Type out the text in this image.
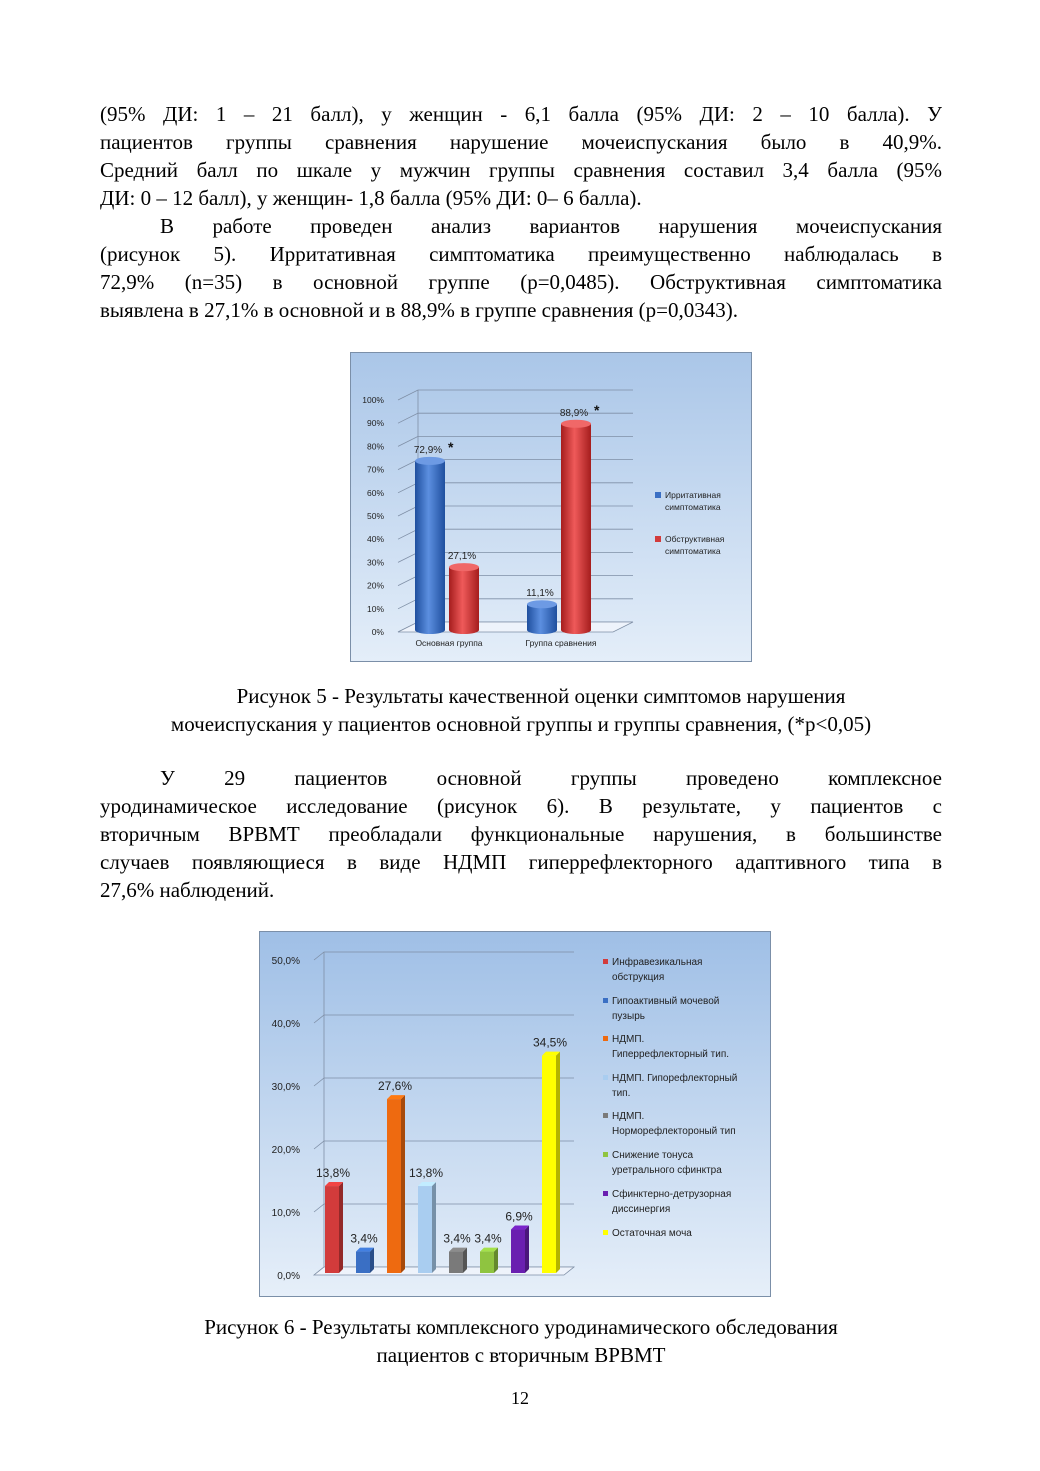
(95% ДИ: 1 – 21 балл), у женщин - 6,1 балла (95% ДИ: 2 – 10 балла). У
пациентов группы сравнения нарушение мочеиспускания было в 40,9%.
Средний балл по шкале у мужчин группы сравнения составил 3,4 балла (95%
ДИ: 0 – 12 балл), у женщин- 1,8 балла (95% ДИ: 0– 6 балла).
В работе проведен анализ вариантов нарушения мочеиспускания
(рисунок 5). Ирритативная симптоматика преимущественно наблюдалась в
72,9% (n=35) в основной группе (p=0,0485). Обструктивная симптоматика
выявлена в 27,1% в основной и в 88,9% в группе сравнения (p=0,0343).
0%
10%
20%
30%
40%
50%
60%
70%
80%
90%
100%
72,9% *
27,1%
11,1%
88,9% *
Основная группа	Группа сравнения
Ирритативная
симптоматика
Обструктивная
симптоматика
Рисунок 5 - Результаты качественной оценки симптомов нарушения
мочеиспускания у пациентов основной группы и группы сравнения, (*p<0,05)
У 29 пациентов основной группы проведено комплексное
уродинамическое исследование (рисунок 6). В результате, у пациентов с
вторичным ВРВМТ преобладали функциональные нарушения, в большинстве
случаев появляющиеся в виде НДМП гиперрефлекторного адаптивного типа в
27,6% наблюдений.
0,0%
10,0%
20,0%
30,0%
40,0%
50,0%
13,8%
3,4%
27,6%
13,8%
3,4% 3,4%
6,9%
34,5%
Инфравезикальная
обструкция
Гипоактивный мочевой
пузырь
НДМП.
Гиперрефлекторный тип.
НДМП. Гипорефлекторный
тип.
НДМП.
Норморефлектороный тип
Снижение тонуса
уретрального сфинктра
Сфинктерно-детрузорная
диссинергия
Остаточная моча
Рисунок 6 - Результаты комплексного уродинамического обследования
пациентов с вторичным ВРВМТ
12
